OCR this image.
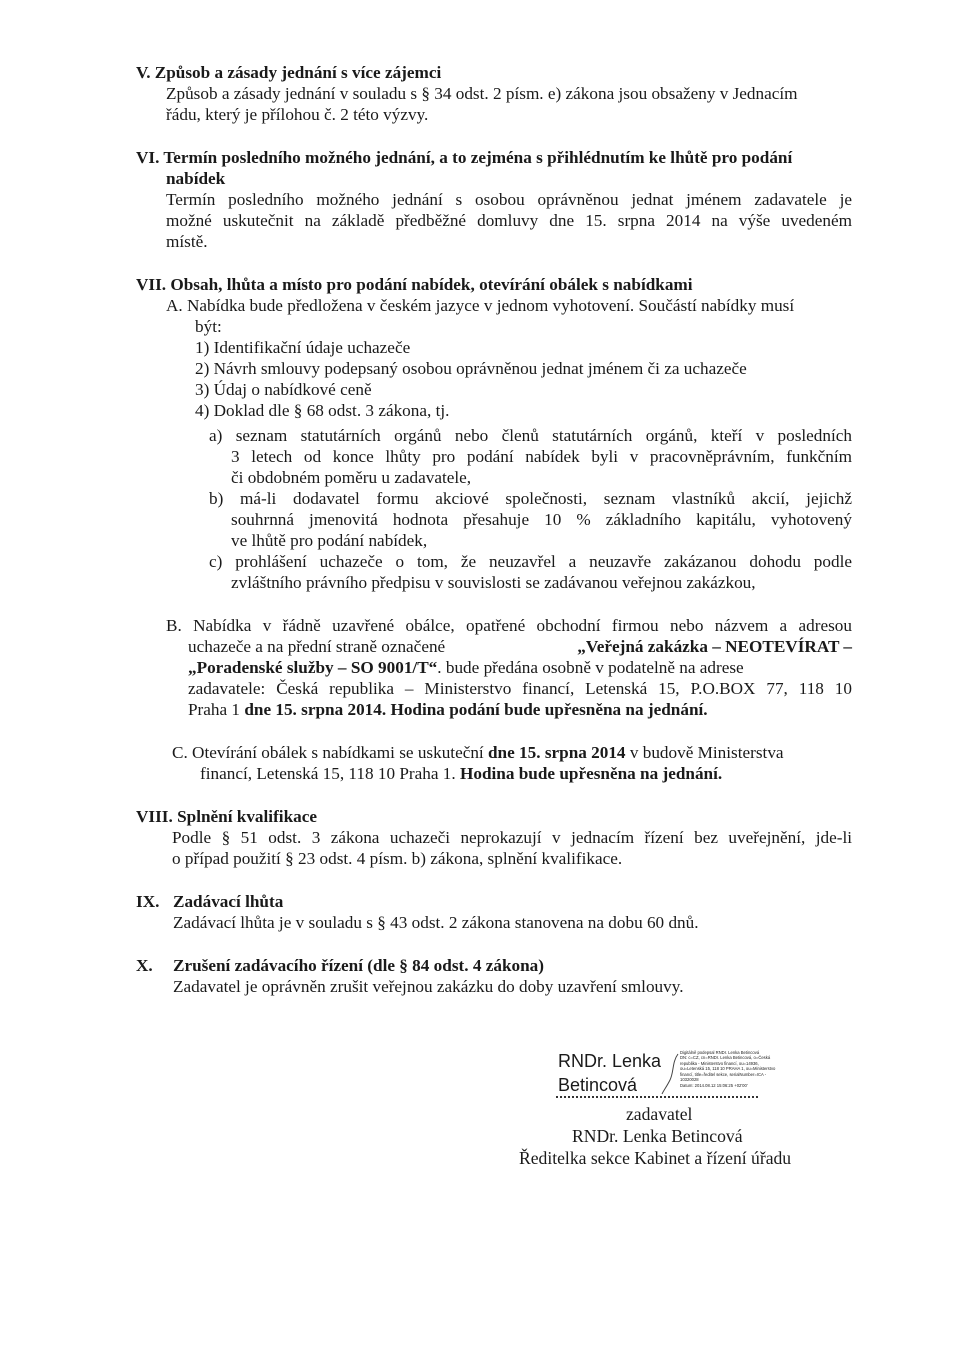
V. Způsob a zásady jednání s více zájemci
Způsob a zásady jednání v souladu s § 34 odst. 2 písm. e) zákona jsou obsaženy v Jednacím
řádu, který je přílohou č. 2 této výzvy.
VI. Termín posledního možného jednání, a to zejména s přihlédnutím ke lhůtě pro podání
nabídek
Termín posledního možného jednání s osobou oprávněnou jednat jménem zadavatele je
možné uskutečnit na základě předběžné domluvy dne 15. srpna 2014 na výše uvedeném
místě.
VII. Obsah, lhůta a místo pro podání nabídek, otevírání obálek s nabídkami
A. Nabídka bude předložena v českém jazyce v jednom vyhotovení. Součástí nabídky musí
být:
1) Identifikační údaje uchazeče
2) Návrh smlouvy podepsaný osobou oprávněnou jednat jménem či za uchazeče
3) Údaj o nabídkové ceně
4) Doklad dle § 68 odst. 3 zákona, tj.
a) seznam statutárních orgánů nebo členů statutárních orgánů, kteří v posledních
3 letech od konce lhůty pro podání nabídek byli v pracovněprávním, funkčním
či obdobném poměru u zadavatele,
b) má-li dodavatel formu akciové společnosti, seznam vlastníků akcií, jejichž
souhrnná jmenovitá hodnota přesahuje 10 % základního kapitálu, vyhotovený
ve lhůtě pro podání nabídek,
c) prohlášení uchazeče o tom, že neuzavřel a neuzavře zakázanou dohodu podle
zvláštního právního předpisu v souvislosti se zadávanou veřejnou zakázkou,
B. Nabídka v řádně uzavřené obálce, opatřené obchodní firmou nebo názvem a adresou
uchazeče a na přední straně označené	„Veřejná zakázka – NEOTEVÍRAT –
„Poradenské služby – SO 9001/T“. bude předána osobně v podatelně na adrese
zadavatele: Česká republika – Ministerstvo financí, Letenská 15, P.O.BOX 77, 118 10
Praha 1 dne 15. srpna 2014. Hodina podání bude upřesněna na jednání.
C. Otevírání obálek s nabídkami se uskuteční dne 15. srpna 2014 v budově Ministerstva
financí, Letenská 15, 118 10 Praha 1. Hodina bude upřesněna na jednání.
VIII. Splnění kvalifikace
Podle § 51 odst. 3 zákona uchazeči neprokazují v jednacím řízení bez uveřejnění, jde-li
o případ použití § 23 odst. 4 písm. b) zákona, splnění kvalifikace.
IX. Zadávací lhůta
Zadávací lhůta je v souladu s § 43 odst. 2 zákona stanovena na dobu 60 dnů.
X. Zrušení zadávacího řízení (dle § 84 odst. 4 zákona)
Zadavatel je oprávněn zrušit veřejnou zakázku do doby uzavření smlouvy.
RNDr. Lenka
Betincová
Digitálně podepsal RNDr. Lenka Betincová
DN: c=CZ, cn=RNDr. Lenka Betincová, o=Česká
republika - Ministerstvo financí, ou=14936,
ou=Letenská 15, 118 10 PRAHA 1, ou=Ministerstvo
financí, title=ředitel sekce, serialNumber=ICA -
10320028
Datum: 2014.08.12 15:06:25 +02'00'
zadavatel
RNDr. Lenka Betincová
Ředitelka sekce Kabinet a řízení úřadu
